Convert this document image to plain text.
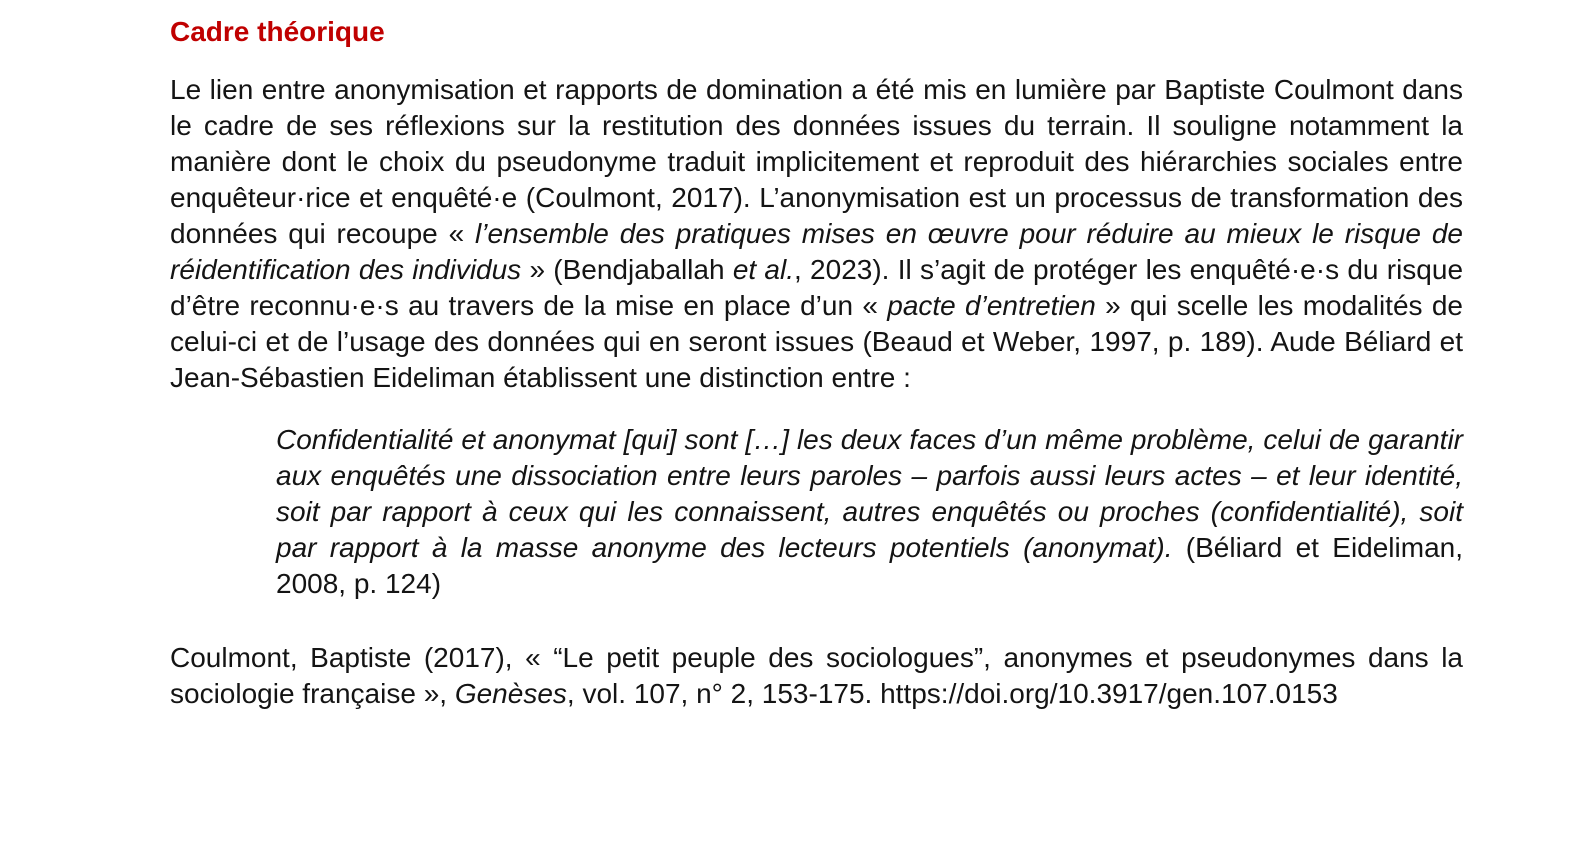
Cadre théorique

Le lien entre anonymisation et rapports de domination a été mis en lumière par Baptiste Coulmont dans le cadre de ses réflexions sur la restitution des données issues du terrain. Il souligne notamment la manière dont le choix du pseudonyme traduit implicitement et reproduit des hiérarchies sociales entre enquêteur·rice et enquêté·e (Coulmont, 2017). L’anonymisation est un processus de transformation des données qui recoupe « l’ensemble des pratiques mises en œuvre pour réduire au mieux le risque de réidentification des individus » (Bendjaballah et al., 2023). Il s’agit de protéger les enquêté·e·s du risque d’être reconnu·e·s au travers de la mise en place d’un « pacte d’entretien » qui scelle les modalités de celui-ci et de l’usage des données qui en seront issues (Beaud et Weber, 1997, p. 189). Aude Béliard et Jean-Sébastien Eideliman établissent une distinction entre :

Confidentialité et anonymat [qui] sont […] les deux faces d’un même problème, celui de garantir aux enquêtés une dissociation entre leurs paroles – parfois aussi leurs actes – et leur identité, soit par rapport à ceux qui les connaissent, autres enquêtés ou proches (confidentialité), soit par rapport à la masse anonyme des lecteurs potentiels (anonymat). (Béliard et Eideliman, 2008, p. 124)

Coulmont, Baptiste (2017), « “Le petit peuple des sociologues”, anonymes et pseudonymes dans la sociologie française », Genèses, vol. 107, n° 2, 153-175. https://doi.org/10.3917/gen.107.0153
